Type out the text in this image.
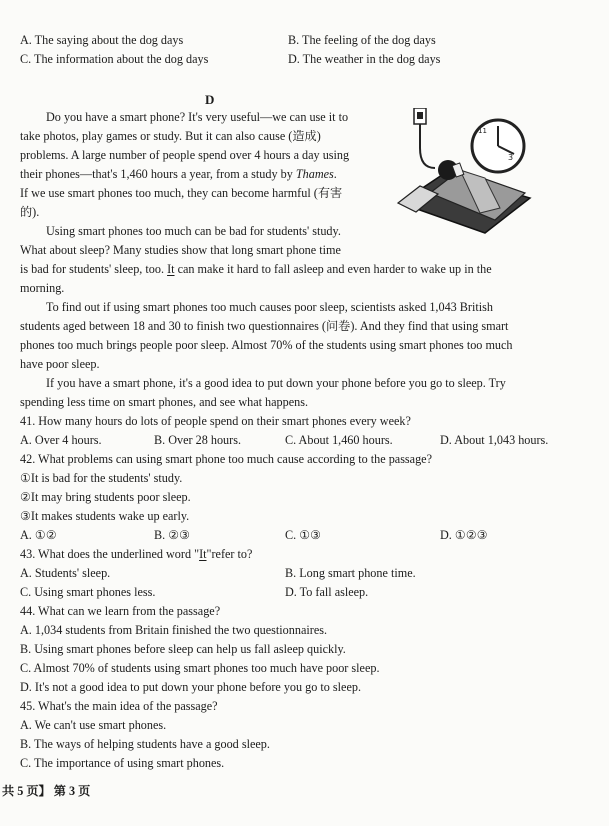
A. The saying about the dog days	B. The feeling of the dog days
C. The information about the dog days	D. The weather in the dog days
D
3
11
Do you have a smart phone? It's very useful—we can use it to
take photos, play games or study. But it can also cause (造成)
problems. A large number of people spend over 4 hours a day using
their phones—that's 1,460 hours a year, from a study by Thames.
If we use smart phones too much, they can become harmful (有害
的).
Using smart phones too much can be bad for students' study.
What about sleep? Many studies show that long smart phone time
is bad for students' sleep, too. It can make it hard to fall asleep and even harder to wake up in the
morning.
To find out if using smart phones too much causes poor sleep, scientists asked 1,043 British
students aged between 18 and 30 to finish two questionnaires (问卷). And they find that using smart
phones too much brings people poor sleep. Almost 70% of the students using smart phones too much
have poor sleep.
If you have a smart phone, it's a good idea to put down your phone before you go to sleep. Try
spending less time on smart phones, and see what happens.
41. How many hours do lots of people spend on their smart phones every week?
A. Over 4 hours.	B. Over 28 hours.	C. About 1,460 hours.	D. About 1,043 hours.
42. What problems can using smart phone too much cause according to the passage?
①It is bad for the students' study.
②It may bring students poor sleep.
③It makes students wake up early.
A. ①②	B. ②③	C. ①③	D. ①②③
43. What does the underlined word "It"refer to?
A. Students' sleep.	B. Long smart phone time.
C. Using smart phones less.	D. To fall asleep.
44. What can we learn from the passage?
A. 1,034 students from Britain finished the two questionnaires.
B. Using smart phones before sleep can help us fall asleep quickly.
C. Almost 70% of students using smart phones too much have poor sleep.
D. It's not a good idea to put down your phone before you go to sleep.
45. What's the main idea of the passage?
A. We can't use smart phones.
B. The ways of helping students have a good sleep.
C. The importance of using smart phones.
共 5 页】 第 3 页
